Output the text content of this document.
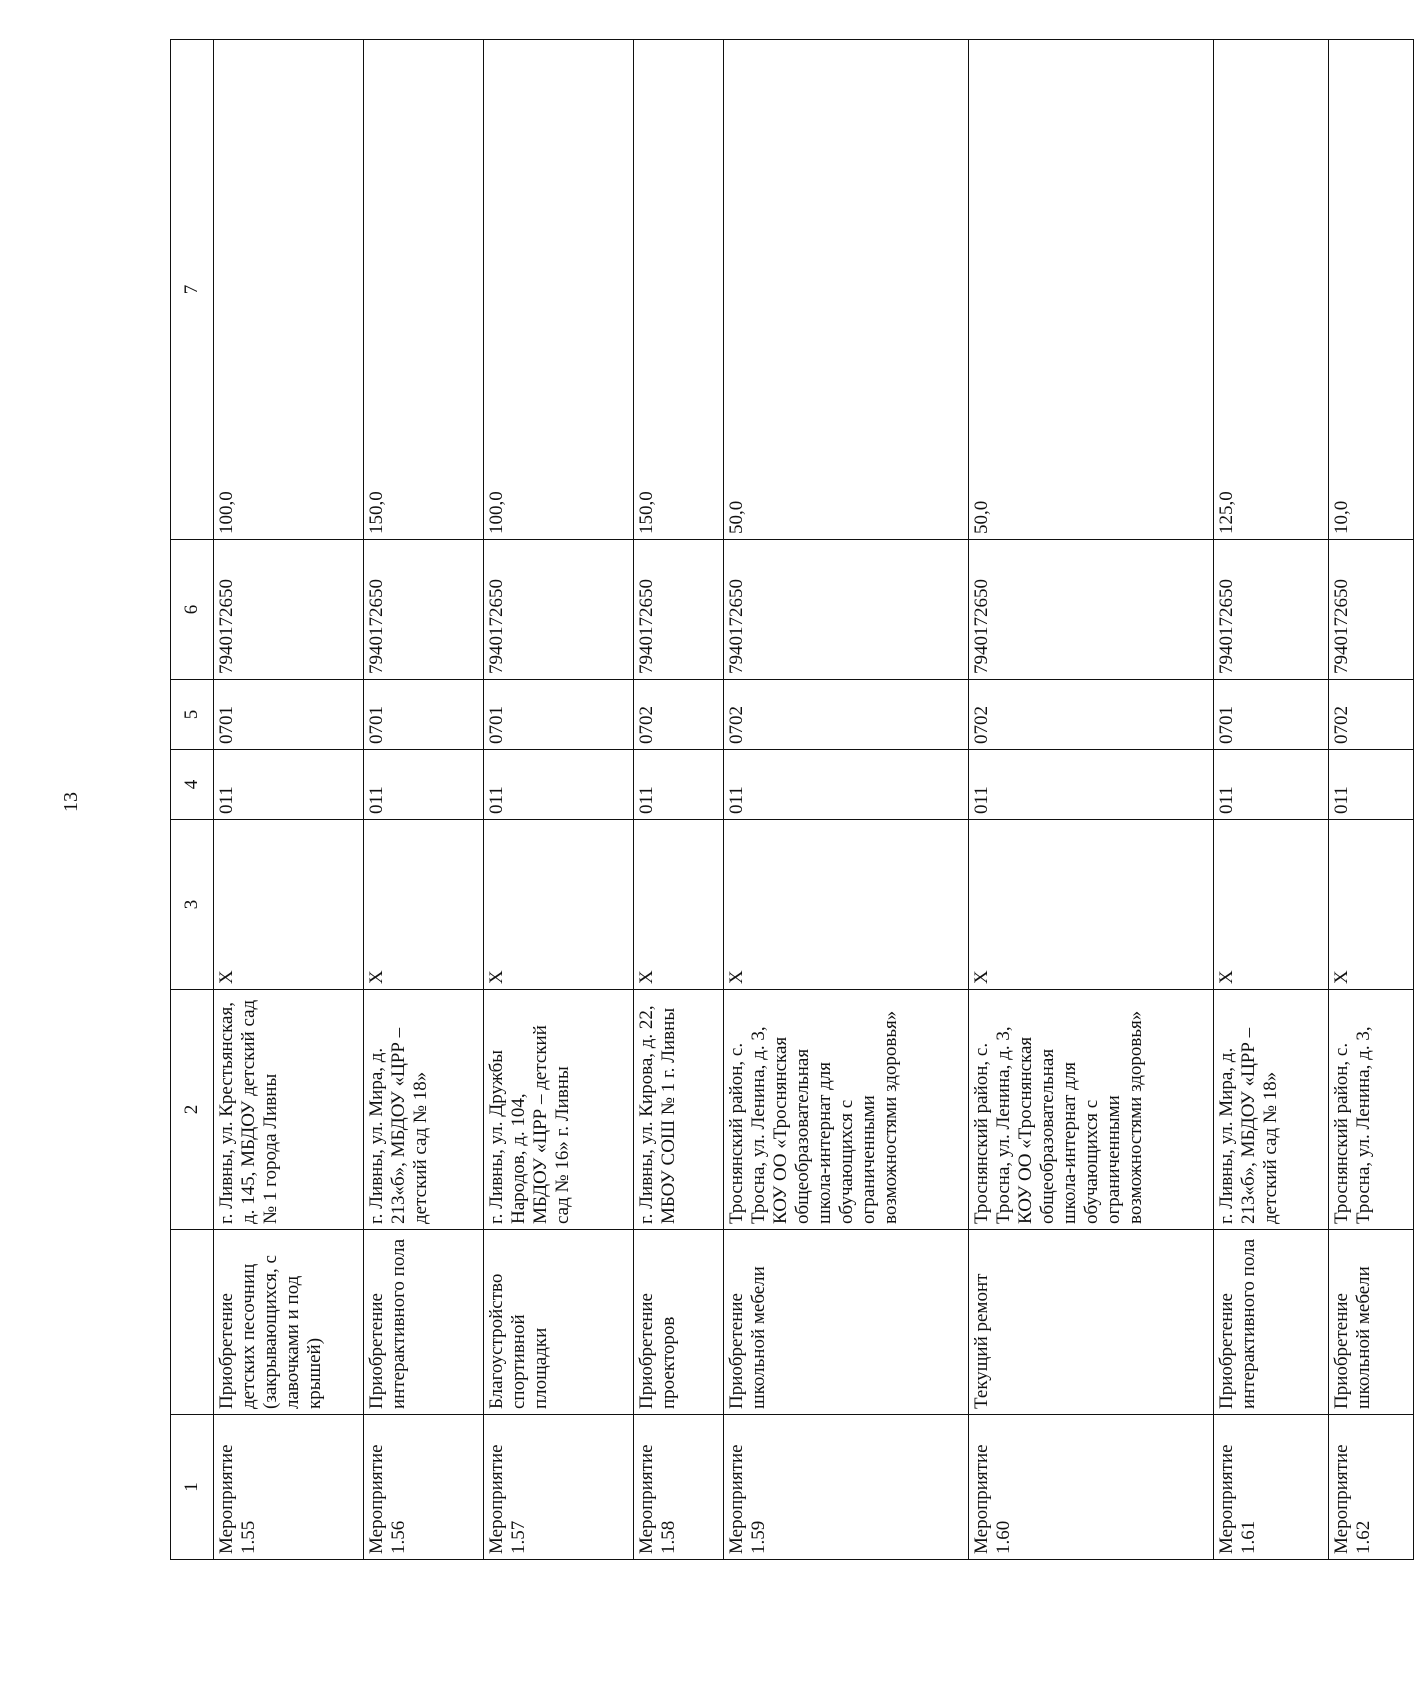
13
1		2	3	4	5	6	7
Мероприятие
1.55	Приобретение детских песочниц (закрывающихся, с лавочками и под крышей)	г. Ливны, ул. Крестьянская, д. 145, МБДОУ детский сад № 1 города Ливны	X	011	0701	7940172650	100,0
Мероприятие
1.56	Приобретение интерактивного пола	г. Ливны, ул. Мира, д. 213«б», МБДОУ «ЦРР – детский сад № 18»	X	011	0701	7940172650	150,0
Мероприятие
1.57	Благоустройство спортивной площадки	г. Ливны, ул. Дружбы Народов, д. 104,
МБДОУ «ЦРР – детский сад № 16» г. Ливны	X	011	0701	7940172650	100,0
Мероприятие
1.58	Приобретение проекторов	г. Ливны, ул. Кирова, д. 22, МБОУ СОШ № 1 г. Ливны	X	011	0702	7940172650	150,0
Мероприятие
1.59	Приобретение школьной мебели	Троснянский район, с. Тросна, ул. Ленина, д. 3,
КОУ ОО «Троснянская общеобразовательная школа-интернат для обучающихся с ограниченными возможностями здоровья»	X	011	0702	7940172650	50,0
Мероприятие
1.60	Текущий ремонт	Троснянский район, с. Тросна, ул. Ленина, д. 3,
КОУ ОО «Троснянская общеобразовательная школа-интернат для обучающихся с ограниченными возможностями здоровья»	X	011	0702	7940172650	50,0
Мероприятие
1.61	Приобретение интерактивного пола	г. Ливны, ул. Мира, д. 213«б», МБДОУ «ЦРР – детский сад № 18»	X	011	0701	7940172650	125,0
Мероприятие
1.62	Приобретение школьной мебели	Троснянский район, с. Тросна, ул. Ленина, д. 3,	X	011	0702	7940172650	10,0
